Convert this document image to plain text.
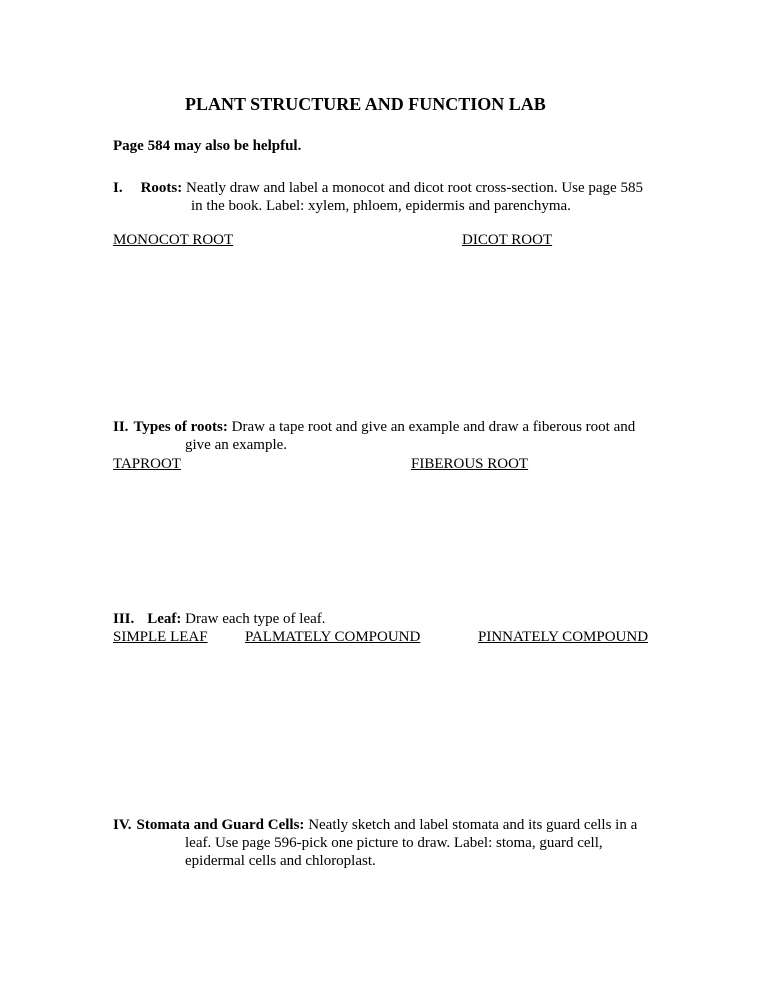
PLANT STRUCTURE AND FUNCTION LAB
Page 584 may also be helpful.
I. Roots: Neatly draw and label a monocot and dicot root cross-section. Use page 585
in the book. Label: xylem, phloem, epidermis and parenchyma.
MONOCOT ROOT	DICOT ROOT
II. Types of roots: Draw a tape root and give an example and draw a fiberous root and
give an example.
TAPROOT	FIBEROUS ROOT
III. Leaf: Draw each type of leaf.
SIMPLE LEAF PALMATELY COMPOUND	PINNATELY COMPOUND
IV. Stomata and Guard Cells: Neatly sketch and label stomata and its guard cells in a
leaf. Use page 596-pick one picture to draw. Label: stoma, guard cell,
epidermal cells and chloroplast.
